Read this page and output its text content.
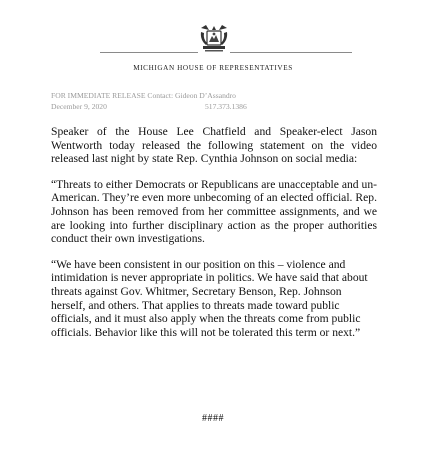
MICHIGAN HOUSE OF REPRESENTATIVES
FOR IMMEDIATE RELEASE Contact: Gideon D’Assandro
December 9, 2020	517.373.1386

Speaker of the House Lee Chatfield and Speaker-elect Jason Wentworth today released the following statement on the video released last night by state Rep. Cynthia Johnson on social media:

“Threats to either Democrats or Republicans are unacceptable and un-American. They’re even more unbecoming of an elected official. Rep. Johnson has been removed from her committee assignments, and we are looking into further disciplinary action as the proper authorities conduct their own investigations.

“We have been consistent in our position on this – violence and intimidation is never appropriate in politics. We have said that about threats against Gov. Whitmer, Secretary Benson, Rep. Johnson herself, and others. That applies to threats made toward public officials, and it must also apply when the threats come from public officials. Behavior like this will not be tolerated this term or next.”

####
